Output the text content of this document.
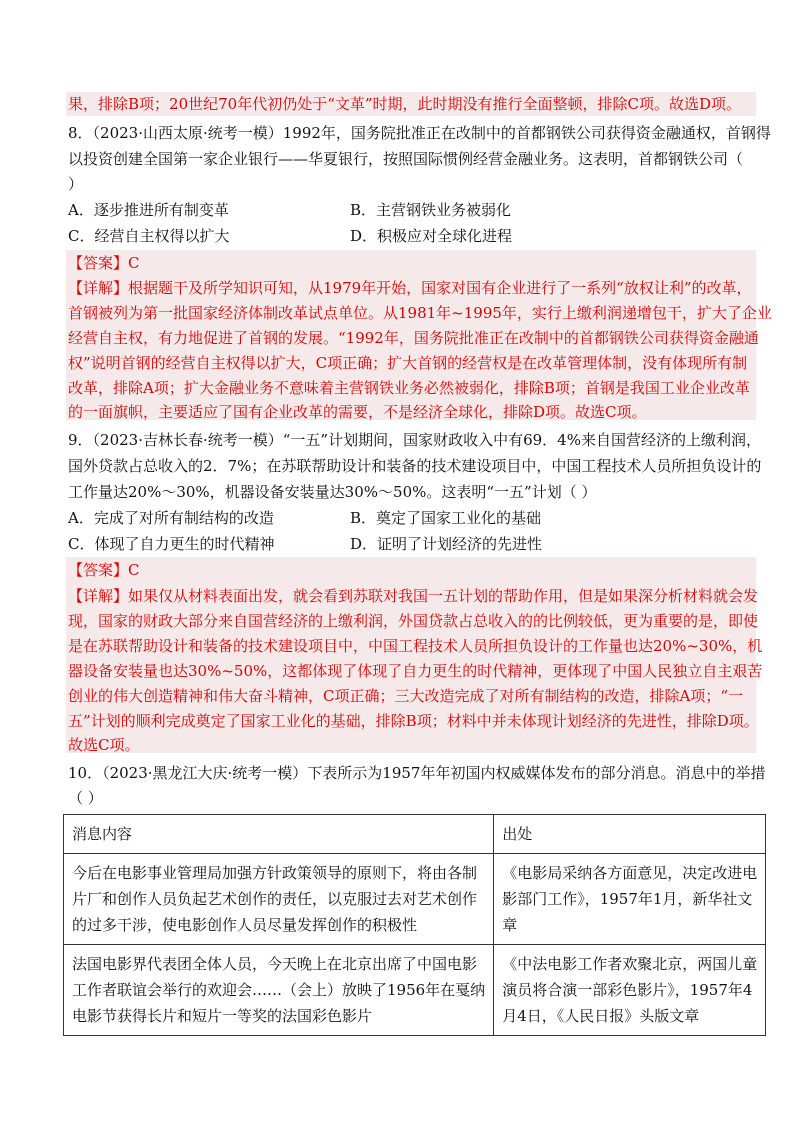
果，排除B项；20世纪70年代初仍处于“文革”时期，此时期没有推行全面整顿，排除C项。故选D项。
8．（2023·山西太原·统考一模）1992年，国务院批准正在改制中的首都钢铁公司获得资金融通权，首钢得
以投资创建全国第一家企业银行——华夏银行，按照国际惯例经营金融业务。这表明，首都钢铁公司（
）
A．逐步推进所有制变革	B．主营钢铁业务被弱化
C．经营自主权得以扩大	D．积极应对全球化进程
【答案】C
【详解】根据题干及所学知识可知，从1979年开始，国家对国有企业进行了一系列“放权让利”的改革，
首钢被列为第一批国家经济体制改革试点单位。从1981年~1995年，实行上缴利润递增包干，扩大了企业
经营自主权，有力地促进了首钢的发展。“1992年，国务院批准正在改制中的首都钢铁公司获得资金融通
权”说明首钢的经营自主权得以扩大，C项正确；扩大首钢的经营权是在改革管理体制，没有体现所有制
改革，排除A项；扩大金融业务不意味着主营钢铁业务必然被弱化，排除B项；首钢是我国工业企业改革
的一面旗帜，主要适应了国有企业改革的需要，不是经济全球化，排除D项。故选C项。
9．（2023·吉林长春·统考一模）“一五”计划期间，国家财政收入中有69．4%来自国营经济的上缴利润，
国外贷款占总收入的2．7%；在苏联帮助设计和装备的技术建设项目中，中国工程技术人员所担负设计的
工作量达20%～30%，机器设备安装量达30%～50%。这表明“一五”计划（ ）
A．完成了对所有制结构的改造	B．奠定了国家工业化的基础
C．体现了自力更生的时代精神	D．证明了计划经济的先进性
【答案】C
【详解】如果仅从材料表面出发，就会看到苏联对我国一五计划的帮助作用，但是如果深分析材料就会发
现，国家的财政大部分来自国营经济的上缴利润，外国贷款占总收入的的比例较低，更为重要的是，即使
是在苏联帮助设计和装备的技术建设项目中，中国工程技术人员所担负设计的工作量也达20%~30%，机
器设备安装量也达30%~50%，这都体现了体现了自力更生的时代精神，更体现了中国人民独立自主艰苦
创业的伟大创造精神和伟大奋斗精神，C项正确；三大改造完成了对所有制结构的改造，排除A项；“一
五”计划的顺利完成奠定了国家工业化的基础，排除B项；材料中并未体现计划经济的先进性，排除D项。
故选C项。
10．（2023·黑龙江大庆·统考一模）下表所示为1957年年初国内权威媒体发布的部分消息。消息中的举措
（ ）
消息内容	出处

今后在电影事业管理局加强方针政策领导的原则下，将由各制
片厂和创作人员负起艺术创作的责任，以克服过去对艺术创作
的过多干涉，使电影创作人员尽量发挥创作的积极性	《电影局采纳各方面意见，决定改进电
影部门工作》，1957年1月，新华社文
章

法国电影界代表团全体人员，今天晚上在北京出席了中国电影
工作者联谊会举行的欢迎会……（会上）放映了1956年在戛纳
电影节获得长片和短片一等奖的法国彩色影片	《中法电影工作者欢聚北京，两国儿童
演员将合演一部彩色影片》，1957年4
月4日，《人民日报》头版文章
